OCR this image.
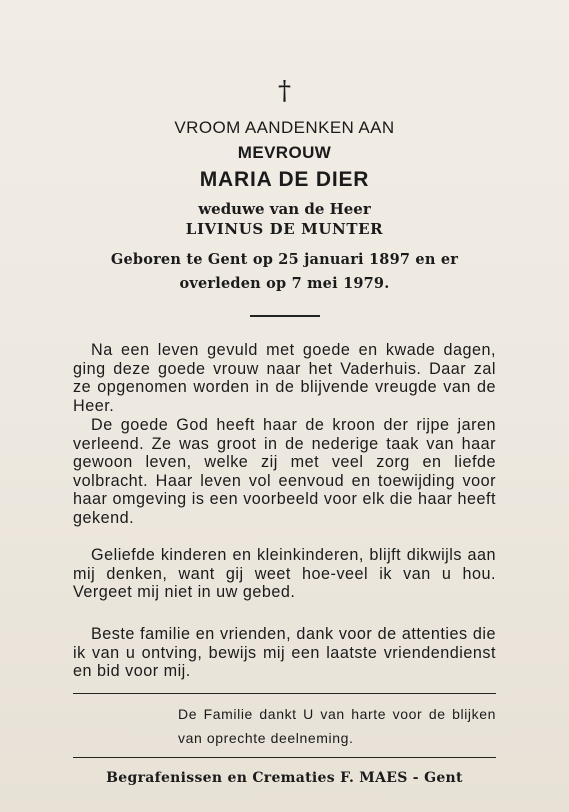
†
VROOM AANDENKEN AAN
MEVROUW
MARIA DE DIER
weduwe van de Heer
LIVINUS DE MUNTER
Geboren te Gent op 25 januari 1897 en er
overleden op 7 mei 1979.
Na een leven gevuld met goede en kwade dagen, ging deze goede vrouw naar het Vaderhuis. Daar zal ze opgenomen worden in de blijvende vreugde van de Heer.
De goede God heeft haar de kroon der rijpe jaren verleend. Ze was groot in de nederige taak van haar gewoon leven, welke zij met veel zorg en liefde volbracht. Haar leven vol eenvoud en toewijding voor haar omgeving is een voorbeeld voor elk die haar heeft gekend.
Geliefde kinderen en kleinkinderen, blijft dikwijls aan mij denken, want gij weet hoe-veel ik van u hou. Vergeet mij niet in uw gebed.
Beste familie en vrienden, dank voor de attenties die ik van u ontving, bewijs mij een laatste vriendendienst en bid voor mij.
De Familie dankt U van harte voor de blijken van oprechte deelneming.
Begrafenissen en Crematies F. MAES - Gent
